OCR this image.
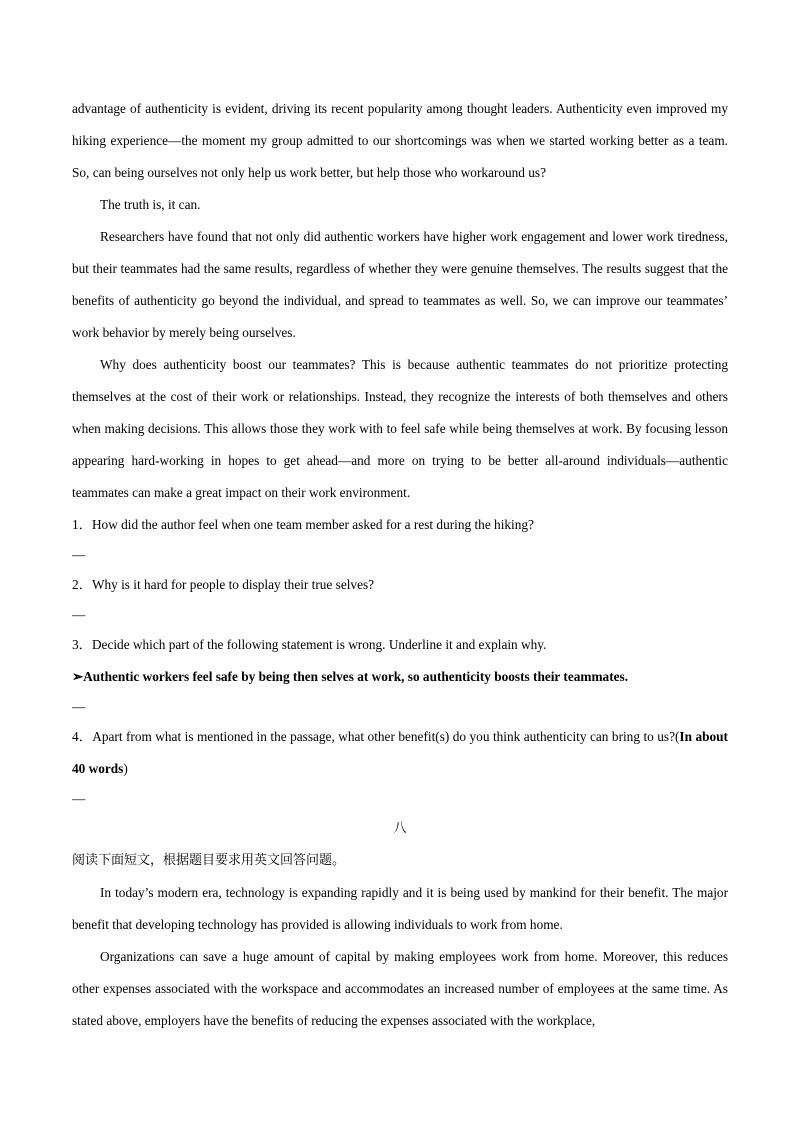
advantage of authenticity is evident, driving its recent popularity among thought leaders. Authenticity even improved my hiking experience—the moment my group admitted to our shortcomings was when we started working better as a team. So, can being ourselves not only help us work better, but help those who workaround us?

The truth is, it can.

Researchers have found that not only did authentic workers have higher work engagement and lower work tiredness, but their teammates had the same results, regardless of whether they were genuine themselves. The results suggest that the benefits of authenticity go beyond the individual, and spread to teammates as well. So, we can improve our teammates’ work behavior by merely being ourselves.

Why does authenticity boost our teammates? This is because authentic teammates do not prioritize protecting themselves at the cost of their work or relationships. Instead, they recognize the interests of both themselves and others when making decisions. This allows those they work with to feel safe while being themselves at work. By focusing lesson appearing hard-working in hopes to get ahead—and more on trying to be better all-around individuals—authentic teammates can make a great impact on their work environment.

1．How did the author feel when one team member asked for a rest during the hiking?

—

2．Why is it hard for people to display their true selves?

—

3．Decide which part of the following statement is wrong. Underline it and explain why.

➢Authentic workers feel safe by being then selves at work, so authenticity boosts their teammates.

—

4．Apart from what is mentioned in the passage, what other benefit(s) do you think authenticity can bring to us?(In about 40 words)

—

八

阅读下面短文，根据题目要求用英文回答问题。

In today’s modern era, technology is expanding rapidly and it is being used by mankind for their benefit. The major benefit that developing technology has provided is allowing individuals to work from home.

Organizations can save a huge amount of capital by making employees work from home. Moreover, this reduces other expenses associated with the workspace and accommodates an increased number of employees at the same time. As stated above, employers have the benefits of reducing the expenses associated with the workplace,
